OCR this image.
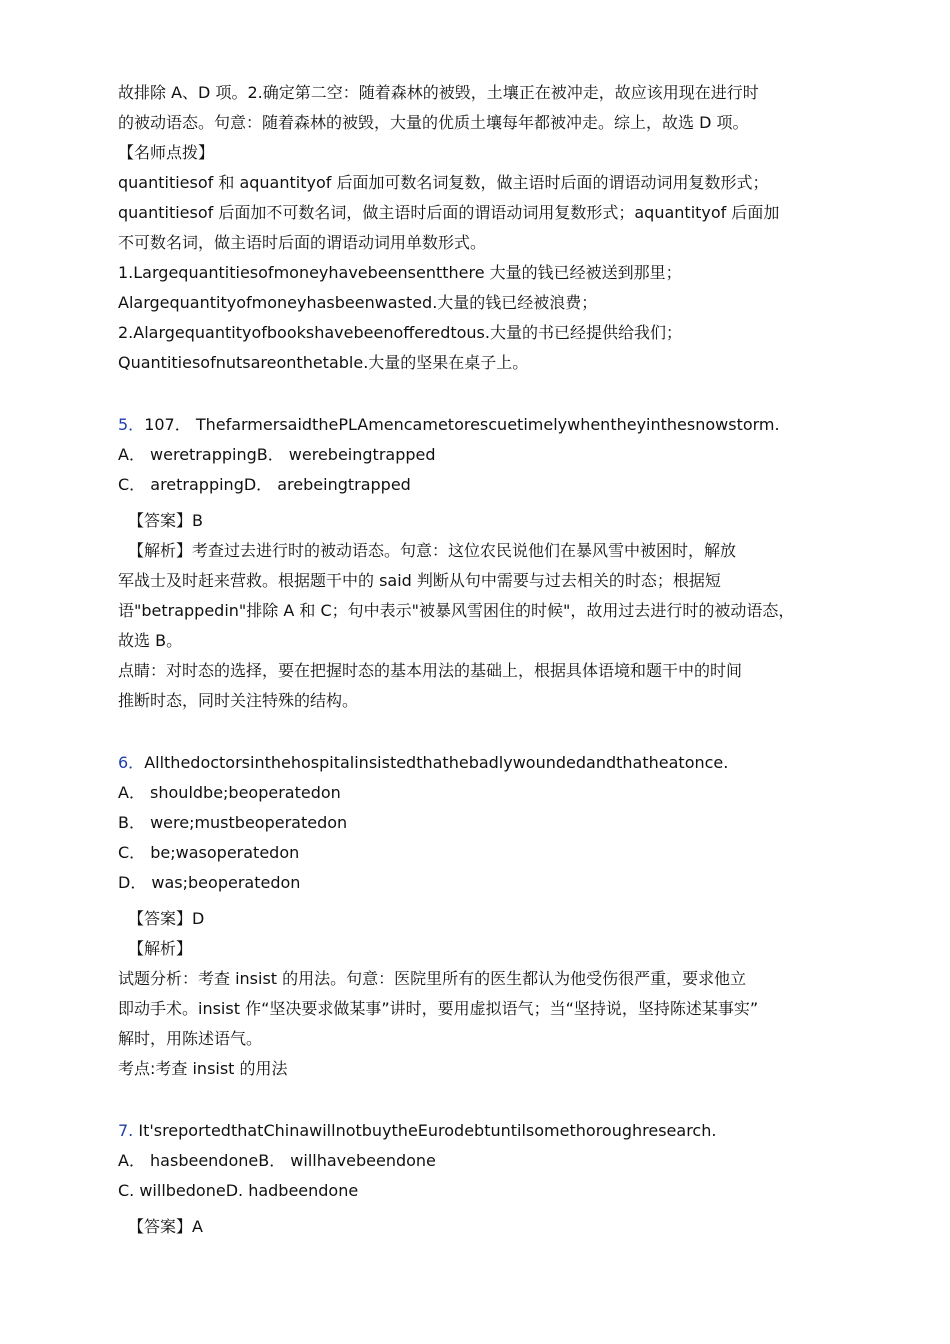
故排除 A、D 项。2.确定第二空：随着森林的被毁，土壤正在被冲走，故应该用现在进行时
的被动语态。句意：随着森林的被毁，大量的优质土壤每年都被冲走。综上，故选 D 项。
【名师点拨】
quantitiesof 和 aquantityof 后面加可数名词复数，做主语时后面的谓语动词用复数形式；
quantitiesof 后面加不可数名词，做主语时后面的谓语动词用复数形式；aquantityof 后面加
不可数名词，做主语时后面的谓语动词用单数形式。
1.Largequantitiesofmoneyhavebeensentthere 大量的钱已经被送到那里；
Alargequantityofmoneyhasbeenwasted.大量的钱已经被浪费；
2.Alargequantityofbookshavebeenofferedtous.大量的书已经提供给我们；
Quantitiesofnutsareonthetable.大量的坚果在桌子上。
5．107． ThefarmersaidthePLAmencametorescuetimelywhentheyinthesnowstorm.
A． weretrappingB． werebeingtrapped
C． aretrappingD． arebeingtrapped
【答案】B
【解析】考查过去进行时的被动语态。句意：这位农民说他们在暴风雪中被困时，解放
军战士及时赶来营救。根据题干中的 said 判断从句中需要与过去相关的时态；根据短
语"betrappedin"排除 A 和 C；句中表示"被暴风雪困住的时候"，故用过去进行时的被动语态，
故选 B。
点睛：对时态的选择，要在把握时态的基本用法的基础上，根据具体语境和题干中的时间
推断时态，同时关注特殊的结构。
6．Allthedoctorsinthehospitalinsistedthathebadlywoundedandthatheatonce.
A． shouldbe;beoperatedon
B． were;mustbeoperatedon
C． be;wasoperatedon
D． was;beoperatedon
【答案】D
【解析】
试题分析：考查 insist 的用法。句意：医院里所有的医生都认为他受伤很严重，要求他立
即动手术。insist 作“坚决要求做某事”讲时，要用虚拟语气；当“坚持说，坚持陈述某事实”
解时，用陈述语气。
考点:考查 insist 的用法
7. It'sreportedthatChinawillnotbuytheEurodebtuntilsomethoroughresearch.
A． hasbeendoneB． willhavebeendone
C. willbedoneD. hadbeendone
【答案】A
